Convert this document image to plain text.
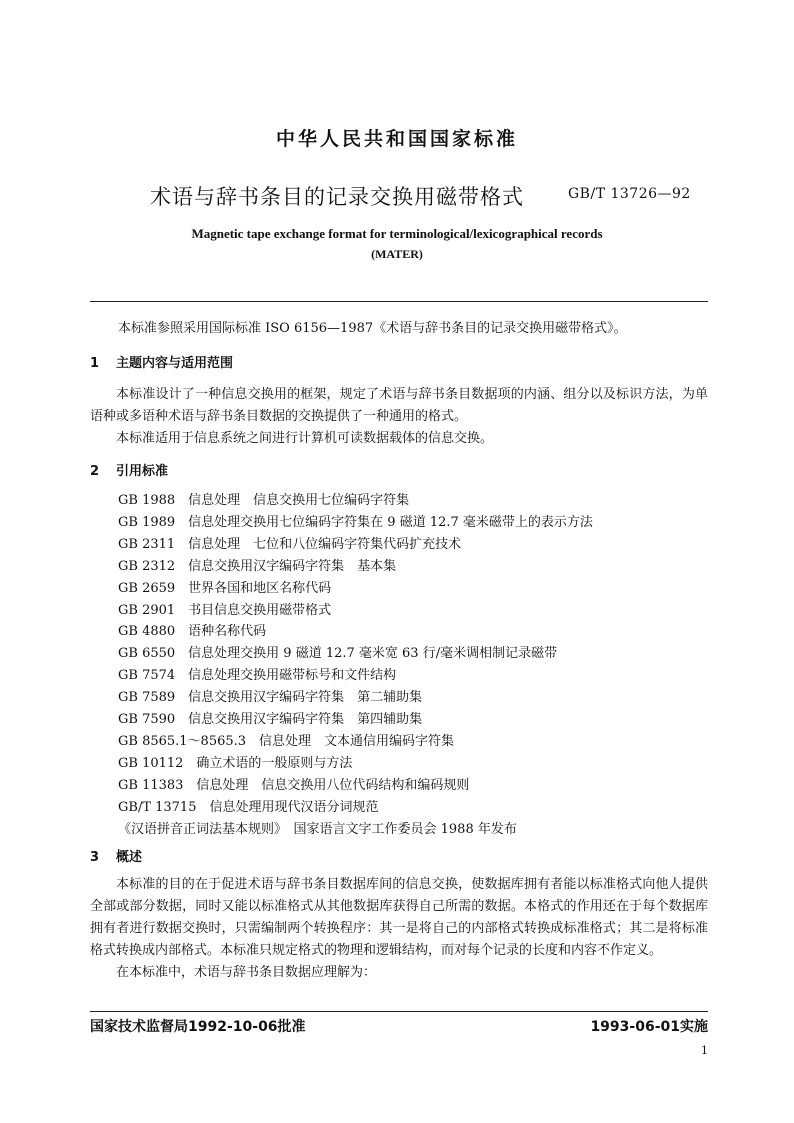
中华人民共和国国家标准
术语与辞书条目的记录交换用磁带格式	GB/T 13726—92
Magnetic tape exchange format for terminological/lexicographical records
(MATER)
本标准参照采用国际标准 ISO 6156—1987《术语与辞书条目的记录交换用磁带格式》。
1 主题内容与适用范围

本标准设计了一种信息交换用的框架，规定了术语与辞书条目数据项的内涵、组分以及标识方法，为单语种或多语种术语与辞书条目数据的交换提供了一种通用的格式。

本标准适用于信息系统之间进行计算机可读数据载体的信息交换。

2 引用标准
GB 1988　信息处理　信息交换用七位编码字符集
GB 1989　信息处理交换用七位编码字符集在 9 磁道 12.7 毫米磁带上的表示方法
GB 2311　信息处理　七位和八位编码字符集代码扩充技术
GB 2312　信息交换用汉字编码字符集　基本集
GB 2659　世界各国和地区名称代码
GB 2901　书目信息交换用磁带格式
GB 4880　语种名称代码
GB 6550　信息处理交换用 9 磁道 12.7 毫米宽 63 行/毫米调相制记录磁带
GB 7574　信息处理交换用磁带标号和文件结构
GB 7589　信息交换用汉字编码字符集　第二辅助集
GB 7590　信息交换用汉字编码字符集　第四辅助集
GB 8565.1～8565.3　信息处理　文本通信用编码字符集
GB 10112　确立术语的一般原则与方法
GB 11383　信息处理　信息交换用八位代码结构和编码规则
GB/T 13715　信息处理用现代汉语分词规范
《汉语拼音正词法基本规则》　国家语言文字工作委员会 1988 年发布
3 概述

本标准的目的在于促进术语与辞书条目数据库间的信息交换，使数据库拥有者能以标准格式向他人提供全部或部分数据，同时又能以标准格式从其他数据库获得自己所需的数据。本格式的作用还在于每个数据库拥有者进行数据交换时，只需编制两个转换程序：其一是将自己的内部格式转换成标准格式；其二是将标准格式转换成内部格式。本标准只规定格式的物理和逻辑结构，而对每个记录的长度和内容不作定义。

在本标准中，术语与辞书条目数据应理解为：

国家技术监督局1992-10-06批准	1993-06-01实施
1
